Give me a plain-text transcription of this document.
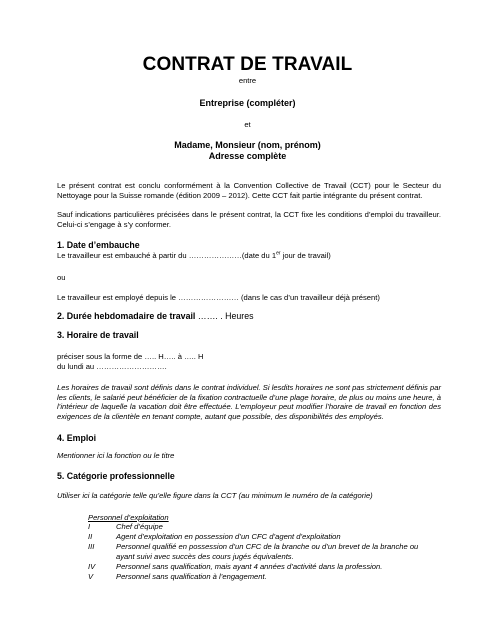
CONTRAT DE TRAVAIL
entre
Entreprise (compléter)
et
Madame, Monsieur (nom, prénom)
Adresse complète
Le présent contrat est conclu conformément à la Convention Collective de Travail (CCT) pour le Secteur du Nettoyage pour la Suisse romande (édition 2009 – 2012). Cette CCT fait partie intégrante du présent contrat.
Sauf indications particulières précisées dans le présent contrat, la CCT fixe les conditions d’emploi du travailleur. Celui-ci s’engage à s’y conformer.
1. Date d’embauche
Le travailleur est embauché à partir du …………………(date du 1er jour de travail)
ou
Le travailleur est employé depuis le …………………… (dans le cas d’un travailleur déjà présent)
2. Durée hebdomadaire de travail ……. . Heures
3. Horaire de travail
préciser sous la forme de ….. H….. à ….. H
du lundi au ……………………….
Les horaires de travail sont définis dans le contrat individuel. Si lesdits horaires ne sont pas strictement définis par les clients, le salarié peut bénéficier de la fixation contractuelle d’une plage horaire, de plus ou moins une heure, à l’intérieur de laquelle la vacation doit être effectuée. L’employeur peut modifier l’horaire de travail en fonction des exigences de la clientèle en tenant compte, autant que possible, des disponibilités des employés.
4. Emploi
Mentionner ici la fonction ou le titre
5. Catégorie professionnelle
Utiliser ici la catégorie telle qu’elle figure dans la CCT (au minimum le numéro de la catégorie)
Personnel d’exploitation
I	Chef d’équipe
II	Agent d’exploitation en possession d’un CFC d’agent d’exploitation
III	Personnel qualifié en possession d’un CFC de la branche ou d’un brevet de la branche ou
ayant suivi avec succès des cours jugés équivalents.
IV	Personnel sans qualification, mais ayant 4 années d’activité dans la profession.
V	Personnel sans qualification à l’engagement.
